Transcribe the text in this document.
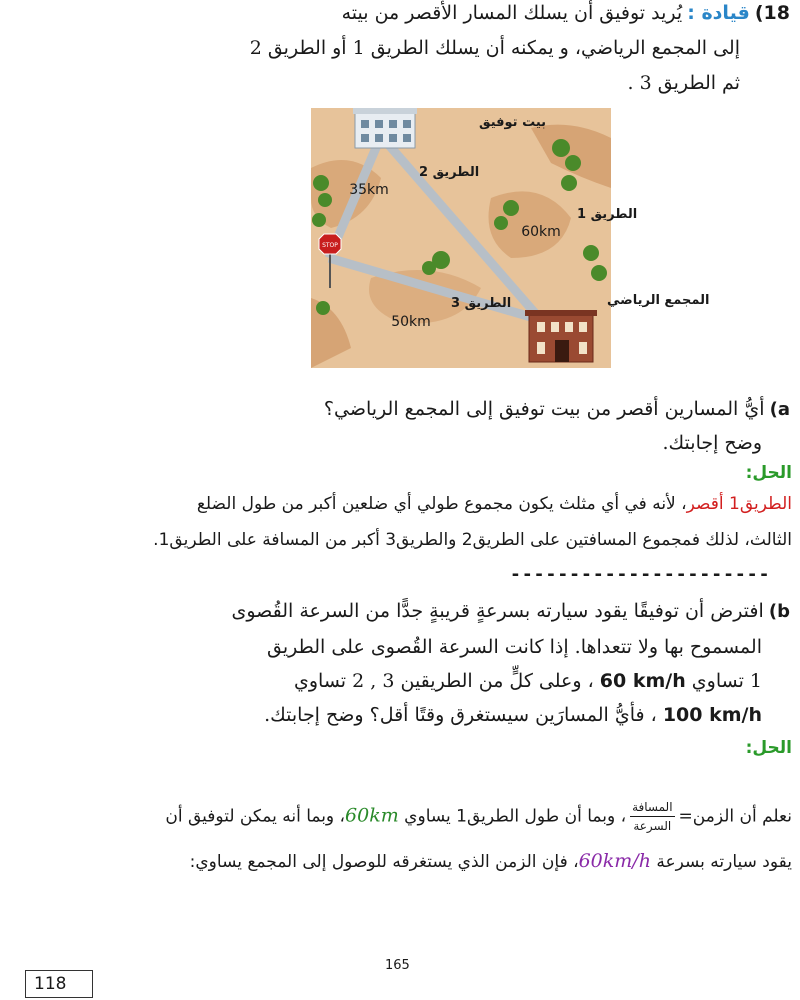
18) قيادة : يُريد توفيق أن يسلك المسار الأقصر من بيته
إلى المجمع الرياضي، و يمكنه أن يسلك الطريق 1 أو الطريق 2
ثم الطريق 3 .
STOP
بيت توفيق
الطريق 2
35km
الطريق 1
60km
الطريق 3
50km
المجمع الرياضي
a) أيُّ المسارين أقصر من بيت توفيق إلى المجمع الرياضي؟
وضح إجابتك.
الحل:
الطريق1 أقصر، لأنه في أي مثلث يكون مجموع طولي أي ضلعين أكبر من طول الضلع
الثالث، لذلك فمجموع المسافتين على الطريق2 والطريق3 أكبر من المسافة على الطريق1.
----------------------
b) افترض أن توفيقًا يقود سيارته بسرعةٍ قريبةٍ جدًّا من السرعة القُصوى
المسموح بها ولا تتعداها. إذا كانت السرعة القُصوى على الطريق
1 تساوي 60 km/h ، وعلى كلٍّ من الطريقين 3 , 2 تساوي
100 km/h ، فأيُّ المسارَين سيستغرق وقتًا أقل؟ وضح إجابتك.
الحل:
نعلم أن الزمن=
$\frac{\text{المسافة}}{\text{السرعة}}$
، وبما أن طول الطريق1 يساوي 60km، وبما أنه يمكن لتوفيق أن
يقود سيارته بسرعة 60km/h، فإن الزمن الذي يستغرقه للوصول إلى المجمع يساوي:
165
118
